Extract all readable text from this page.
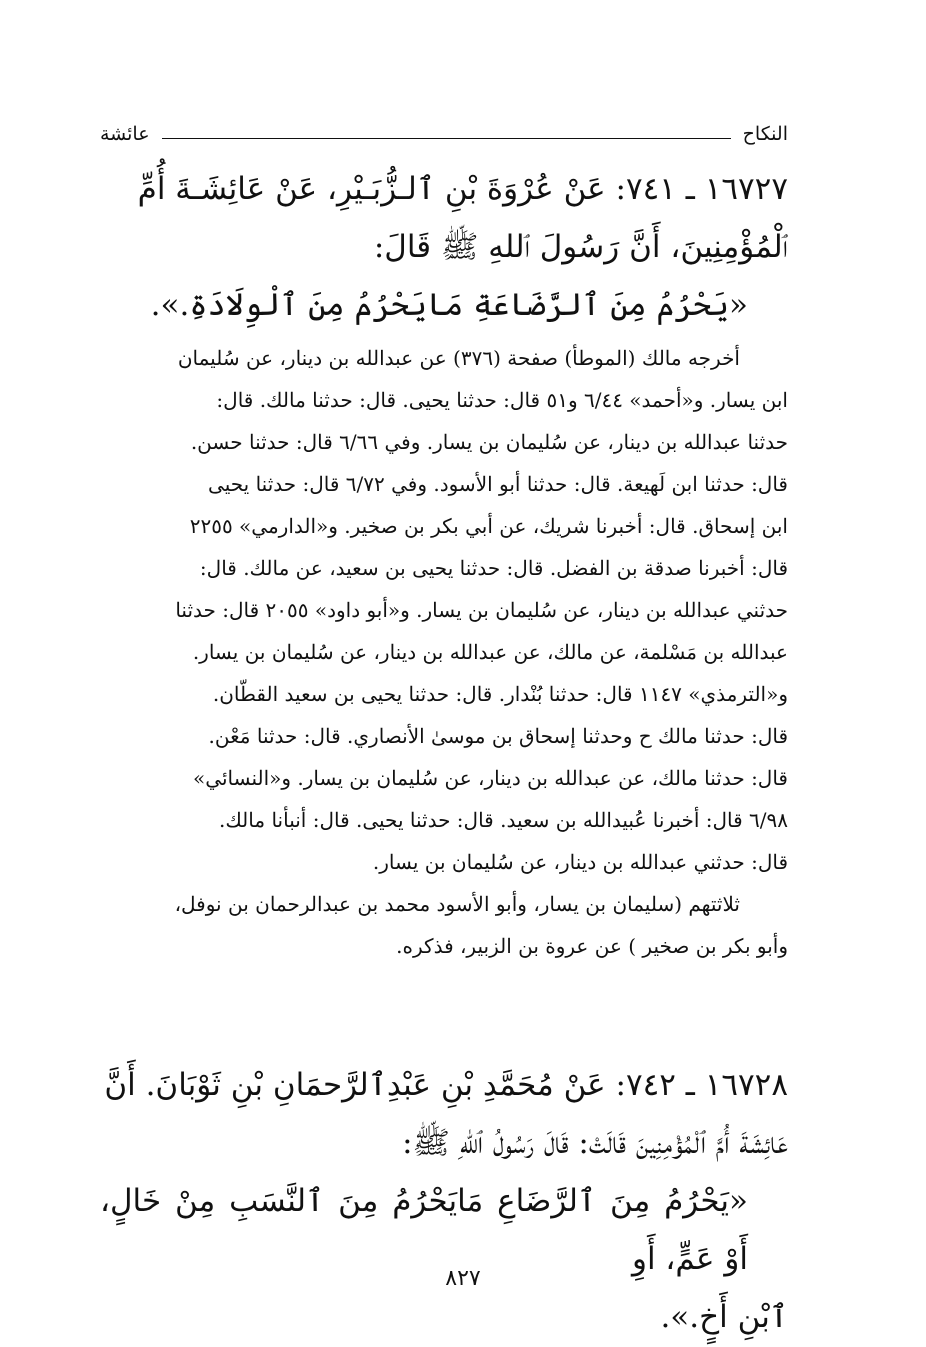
النكاح
عائشة

١٦٧٢٧ ـ ٧٤١: عَنْ عُرْوَةَ بْنِ ٱلـزُّبَـيْرِ، عَنْ عَائِشَـةَ أُمِّ

ٱلْمُؤْمِنِينَ، أَنَّ رَسُولَ ٱللهِ ﷺ قَالَ:

«يَحْرُمُ مِنَ ٱلرَّضَاعَةِ مَايَحْرُمُ مِنَ ٱلْوِلَادَةِ.».

أخرجه مالك (الموطأ) صفحة (٣٧٦) عن عبدالله بن دينار، عن سُليمان

ابن يسار. و«أحمد» ٦/٤٤ و٥١ قال: حدثنا يحيى. قال: حدثنا مالك. قال:

حدثنا عبدالله بن دينار، عن سُليمان بن يسار. وفي ٦/٦٦ قال: حدثنا حسن.

قال: حدثنا ابن لَهيعة. قال: حدثنا أبو الأسود. وفي ٦/٧٢ قال: حدثنا يحيى

ابن إسحاق. قال: أخبرنا شريك، عن أبي بكر بن صخير. و«الدارمي» ٢٢٥٥

قال: أخبرنا صدقة بن الفضل. قال: حدثنا يحيى بن سعيد، عن مالك. قال:

حدثني عبدالله بن دينار، عن سُليمان بن يسار. و«أبو داود» ٢٠٥٥ قال: حدثنا

عبدالله بن مَسْلمة، عن مالك، عن عبدالله بن دينار، عن سُليمان بن يسار.

و«الترمذي» ١١٤٧ قال: حدثنا بُنْدار. قال: حدثنا يحيى بن سعيد القطّان.

قال: حدثنا مالك ح وحدثنا إسحاق بن موسىٰ الأنصاري. قال: حدثنا مَعْن.

قال: حدثنا مالك، عن عبدالله بن دينار، عن سُليمان بن يسار. و«النسائي»

٦/٩٨ قال: أخبرنا عُبيدالله بن سعيد. قال: حدثنا يحيى. قال: أنبأنا مالك.

قال: حدثني عبدالله بن دينار، عن سُليمان بن يسار.

ثلاثتهم (سليمان بن يسار، وأبو الأسود محمد بن عبدالرحمان بن نوفل،

وأبو بكر بن صخير ) عن عروة بن الزبير، فذكره.

١٦٧٢٨ ـ ٧٤٢: عَنْ مُحَمَّدِ بْنِ عَبْدِٱلرَّحمَانِ بْنِ ثَوْبَانَ. أَنَّ

عَائِشَةَ أُمَّ ٱلْمُؤْمِنِينَ قَالَتْ: قَالَ رَسُولُ ٱللهِ ﷺ:

«يَحْرُمُ مِنَ ٱلرَّضَاعِ مَايَحْرُمُ مِنَ ٱلنَّسَبِ مِنْ خَالٍ، أَوْ عَمٍّ، أَوِ

ٱبْنِ أَخٍ.».

٨٢٧
